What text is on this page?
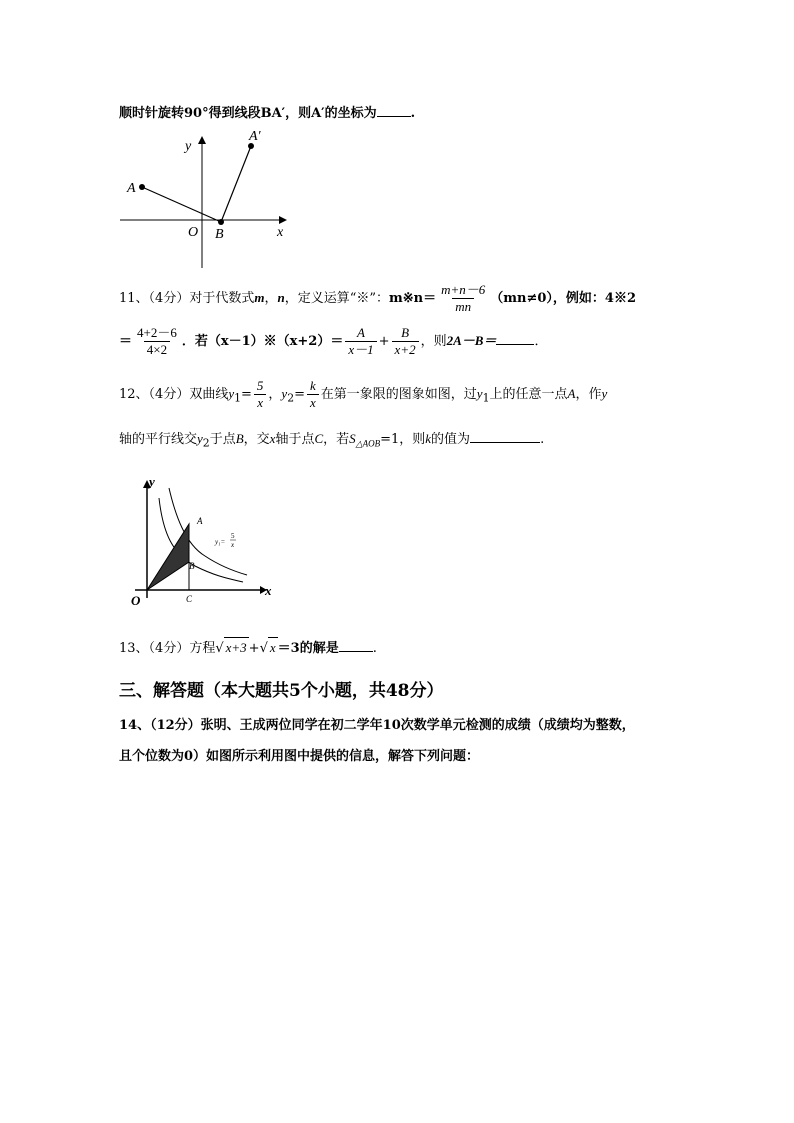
顺时针旋转90°得到线段BA′，则A′的坐标为	.
y
x
O
A
B
A′
11、（4分）对于代数式m，n，定义运算“※”：m※n＝ $\frac{m+n-6}{mn} (mn\ne 0)$，例如：4※2
＝ $\frac{4+2-6}{4\times 2}$ ．若（x－1）※（x+2）＝ $\frac{A}{x-1} + \frac{B}{x+2}$ ，则2A－B＝	．
12、（4分）双曲线$y_1= \frac{5}{x}$ ，$y_2= \frac{k}{x}$ 在第一象限的图象如图，过$y_1$上的任意一点A，作y
轴的平行线交$y_2$于点B，交x轴于点C，若$S_{\triangle AOB}=1$，则k的值为	.
y
x
O
A
B
C
y₁=
5
x
13、（4分）方程√ x+3 +√ x ＝3的解是	.
三、解答题（本大题共5个小题，共48分）
14、（12分）张明、王成两位同学在初二学年10次数学单元检测的成绩（成绩均为整数，
且个位数为0）如图所示利用图中提供的信息，解答下列问题：
